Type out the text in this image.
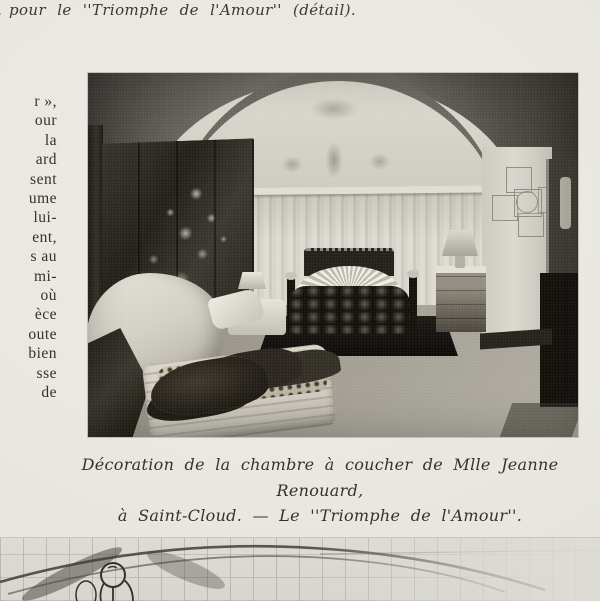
pour le ''Triomphe de l'Amour'' (détail).
r »,
our
la
ard
sent
ume
lui-
ent,
s au
mi-
où
èce
oute
bien
sse
de
Décoration de la chambre à coucher de Mlle Jeanne Renouard,
à Saint-Cloud. — Le ''Triomphe de l'Amour''.
